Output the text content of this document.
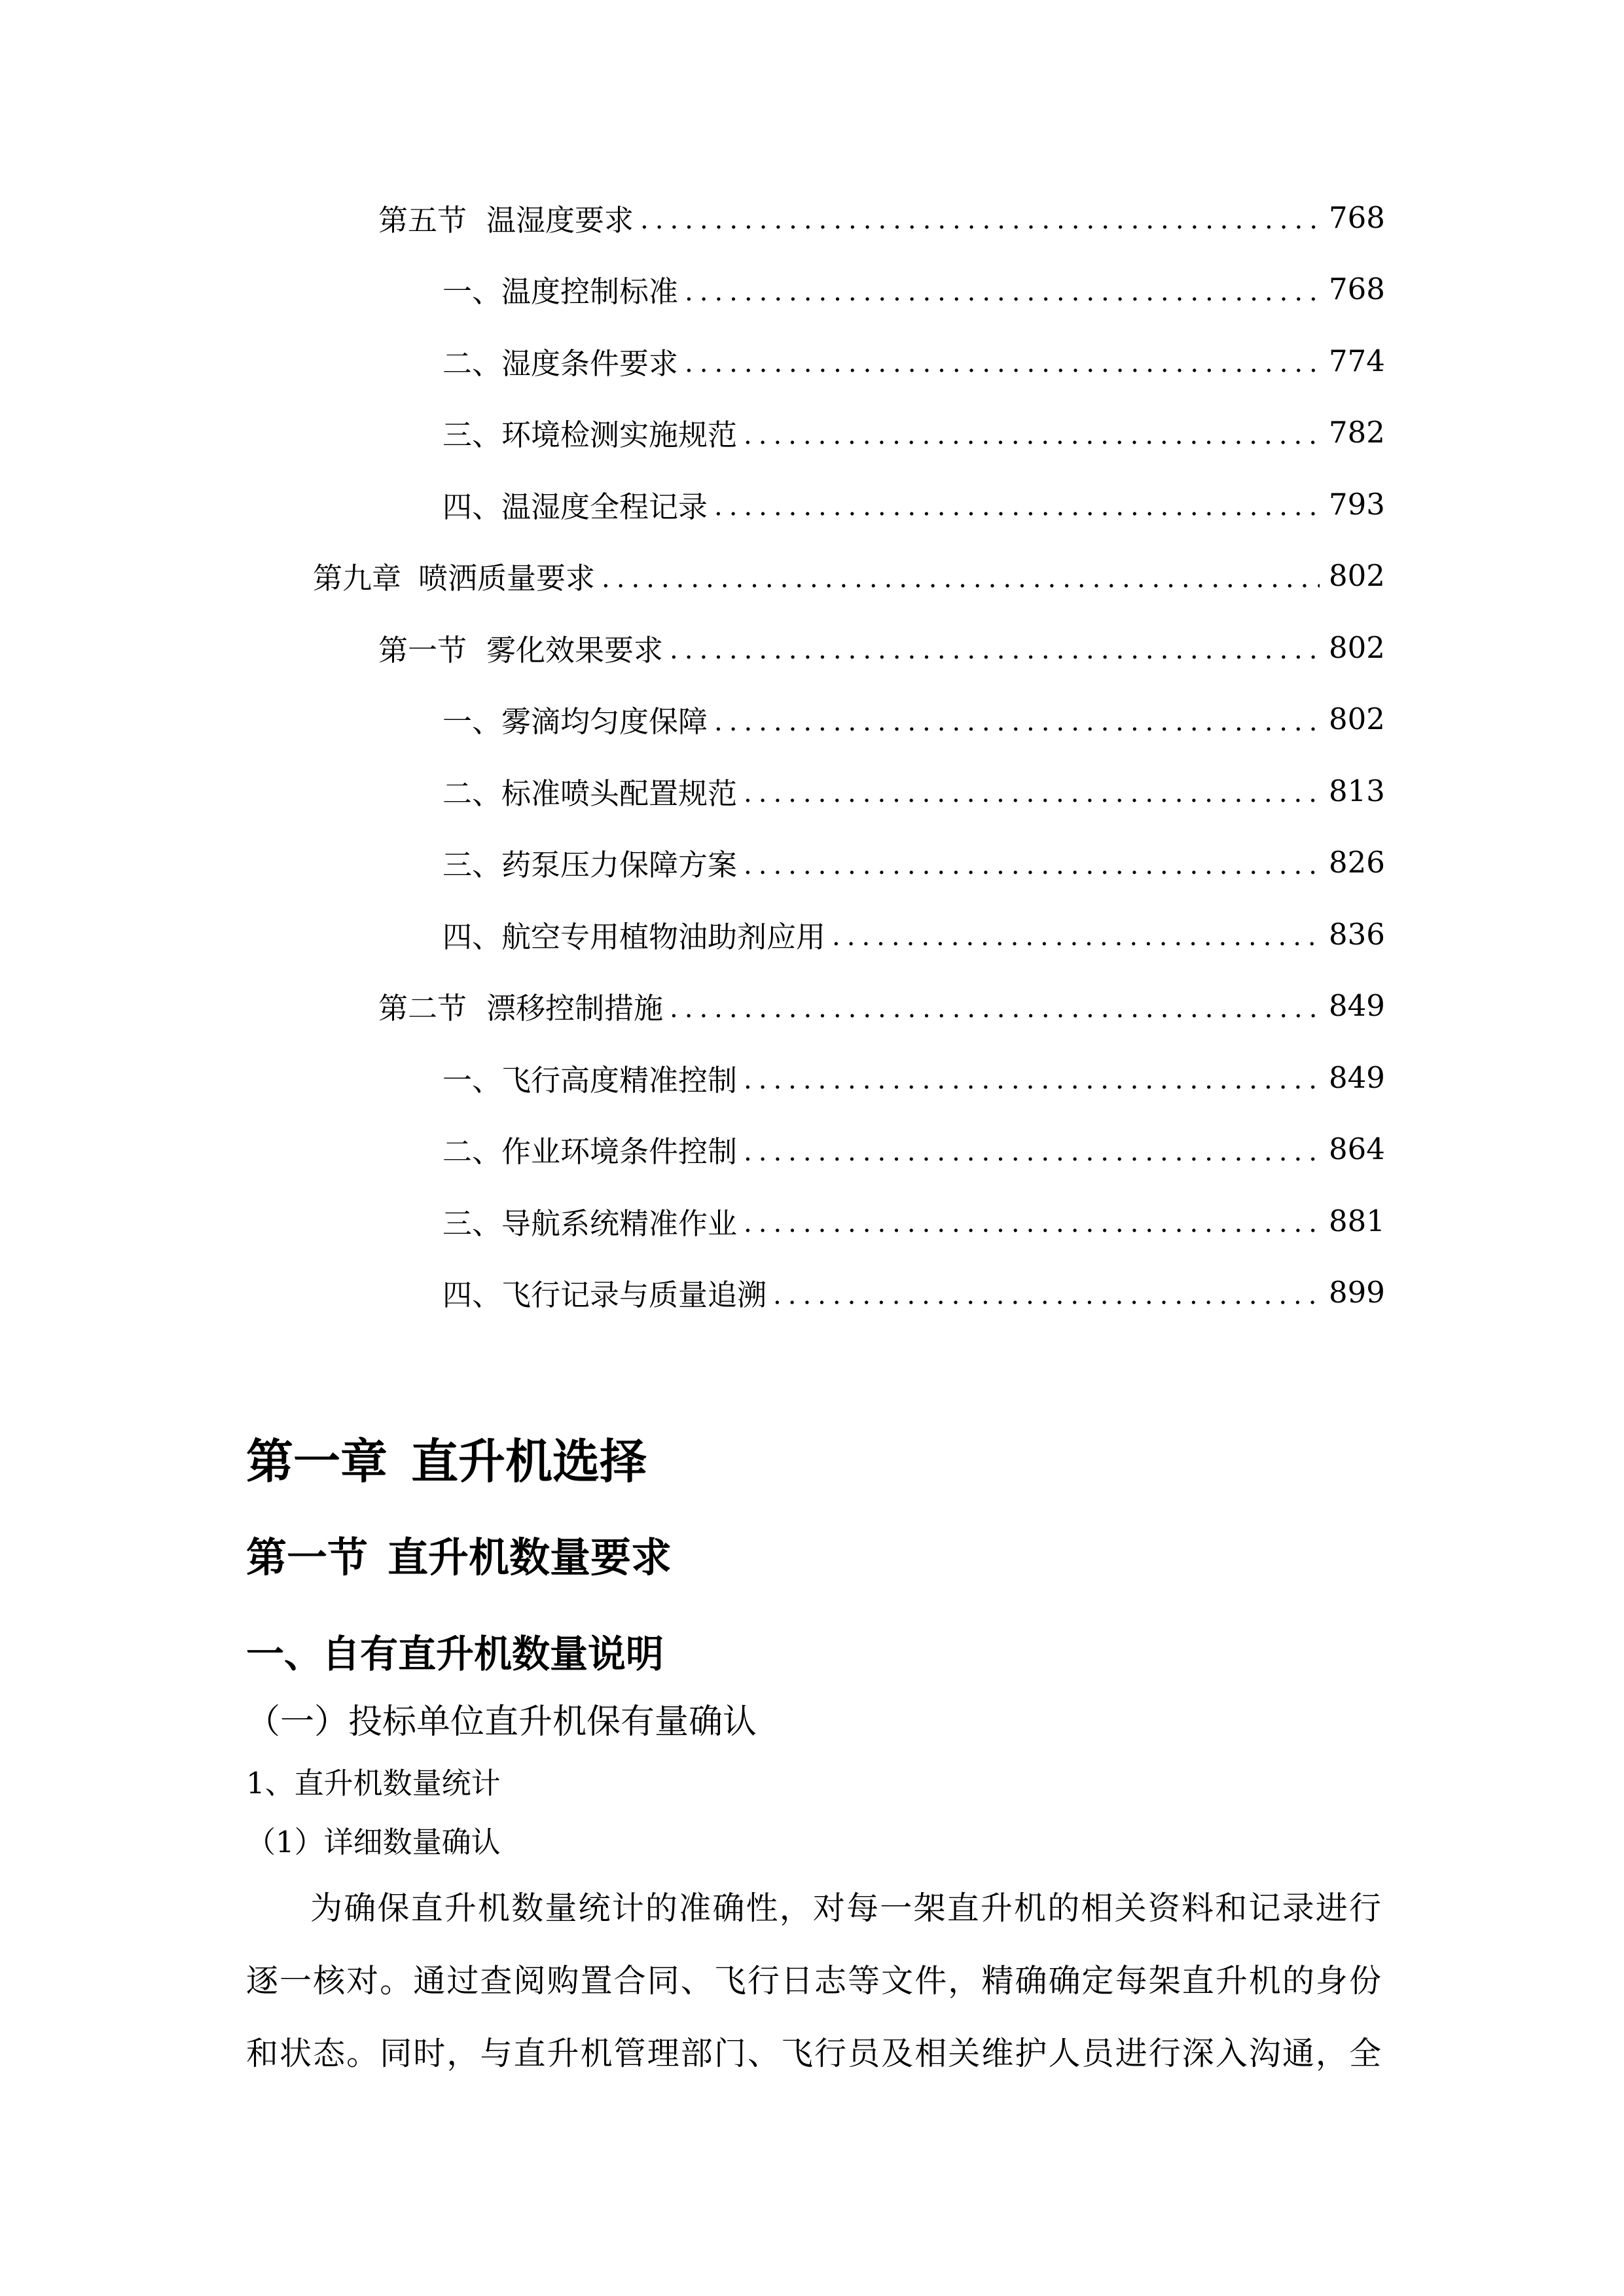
第五节 温湿度要求 .....	768
一、 温度控制标准 .....	768
二、 湿度条件要求 .....	774
三、 环境检测实施规范 .....	782
四、 温湿度全程记录 .....	793
第九章 喷洒质量要求 .....	802
第一节 雾化效果要求 .....	802
一、 雾滴均匀度保障 .....	802
二、 标准喷头配置规范 .....	813
三、 药泵压力保障方案 .....	826
四、 航空专用植物油助剂应用 .....	836
第二节 漂移控制措施 .....	849
一、 飞行高度精准控制 .....	849
二、 作业环境条件控制 .....	864
三、 导航系统精准作业 .....	881
四、 飞行记录与质量追溯 .....	899
第一章 直升机选择
第一节 直升机数量要求
一、自有直升机数量说明
（一）投标单位直升机保有量确认
1、直升机数量统计
（1）详细数量确认
为确保直升机数量统计的准确性，对每一架直升机的相关资料和记录进行
逐一核对。通过查阅购置合同、飞行日志等文件，精确确定每架直升机的身份
和状态。同时，与直升机管理部门、飞行员及相关维护人员进行深入沟通，全
